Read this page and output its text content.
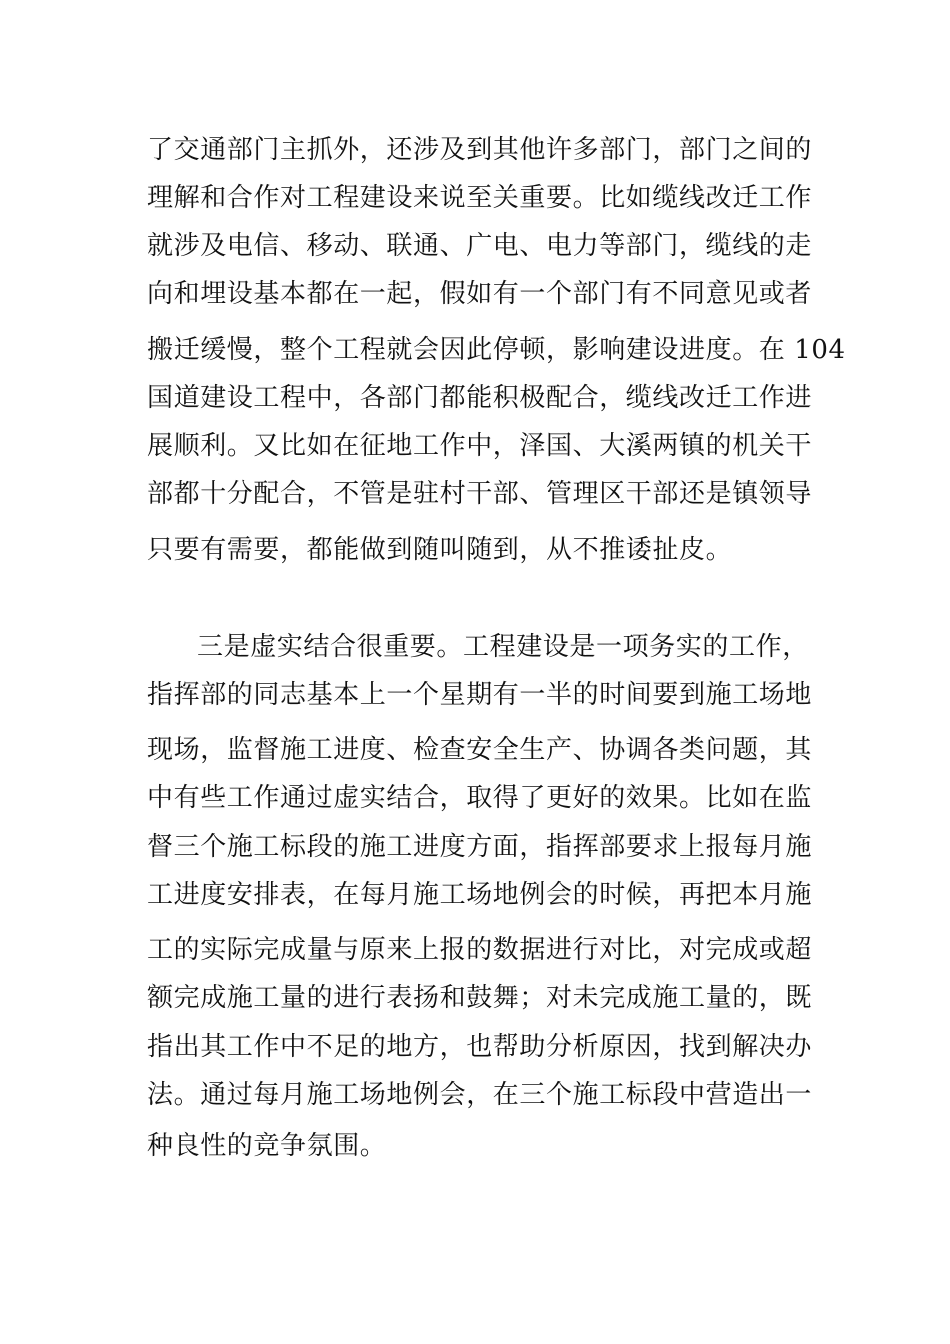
了交通部门主抓外，还涉及到其他许多部门，部门之间的
理解和合作对工程建设来说至关重要。比如缆线改迁工作
就涉及电信、移动、联通、广电、电力等部门，缆线的走
向和埋设基本都在一起，假如有一个部门有不同意见或者
搬迁缓慢，整个工程就会因此停顿，影响建设进度。在 104
国道建设工程中，各部门都能积极配合，缆线改迁工作进
展顺利。又比如在征地工作中，泽国、大溪两镇的机关干
部都十分配合，不管是驻村干部、管理区干部还是镇领导
只要有需要，都能做到随叫随到，从不推诿扯皮。
三是虚实结合很重要。工程建设是一项务实的工作，
指挥部的同志基本上一个星期有一半的时间要到施工场地
现场，监督施工进度、检查安全生产、协调各类问题，其
中有些工作通过虚实结合，取得了更好的效果。比如在监
督三个施工标段的施工进度方面，指挥部要求上报每月施
工进度安排表，在每月施工场地例会的时候，再把本月施
工的实际完成量与原来上报的数据进行对比，对完成或超
额完成施工量的进行表扬和鼓舞；对未完成施工量的，既
指出其工作中不足的地方，也帮助分析原因，找到解决办
法。通过每月施工场地例会，在三个施工标段中营造出一
种良性的竞争氛围。
